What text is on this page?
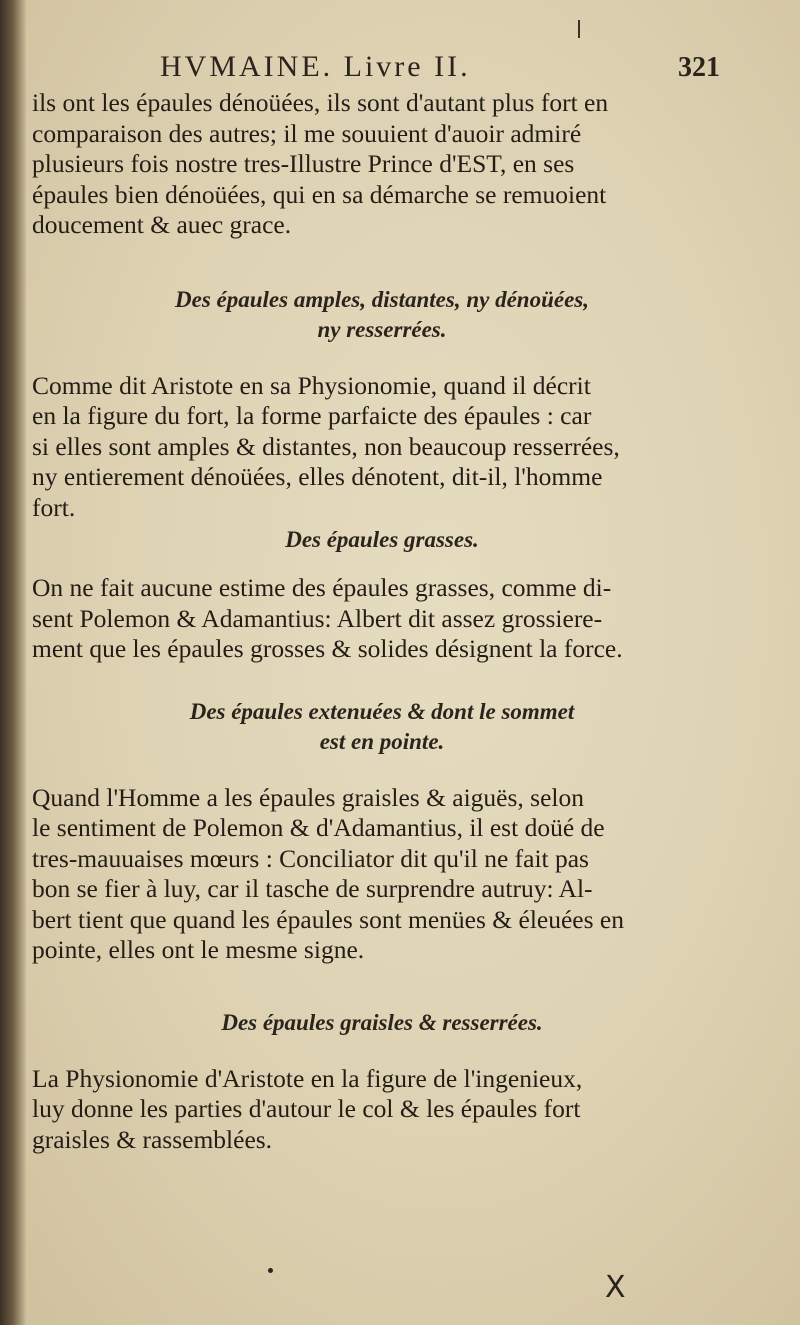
HVMAINE. Livre II.	321

ils ont les épaules dénoüées, ils sont d'autant plus fort en
comparaison des autres; il me souuient d'auoir admiré
plusieurs fois nostre tres-Illustre Prince d'EST, en ses
épaules bien dénoüées, qui en sa démarche se remuoient
doucement & auec grace.

Des épaules amples, distantes, ny dénoüées,
ny resserrées.

Comme dit Aristote en sa Physionomie, quand il décrit
en la figure du fort, la forme parfaicte des épaules : car
si elles sont amples & distantes, non beaucoup resserrées,
ny entierement dénoüées, elles dénotent, dit-il, l'homme
fort.

Des épaules grasses.

On ne fait aucune estime des épaules grasses, comme di-
sent Polemon & Adamantius: Albert dit assez grossiere-
ment que les épaules grosses & solides désignent la force.

Des épaules extenuées & dont le sommet
est en pointe.

Quand l'Homme a les épaules graisles & aiguës, selon
le sentiment de Polemon & d'Adamantius, il est doüé de
tres-mauuaises mœurs : Conciliator dit qu'il ne fait pas
bon se fier à luy, car il tasche de surprendre autruy: Al-
bert tient que quand les épaules sont menües & éleuées en
pointe, elles ont le mesme signe.

Des épaules graisles & resserrées.

La Physionomie d'Aristote en la figure de l'ingenieux,
luy donne les parties d'autour le col & les épaules fort
graisles & rassemblées.

X
